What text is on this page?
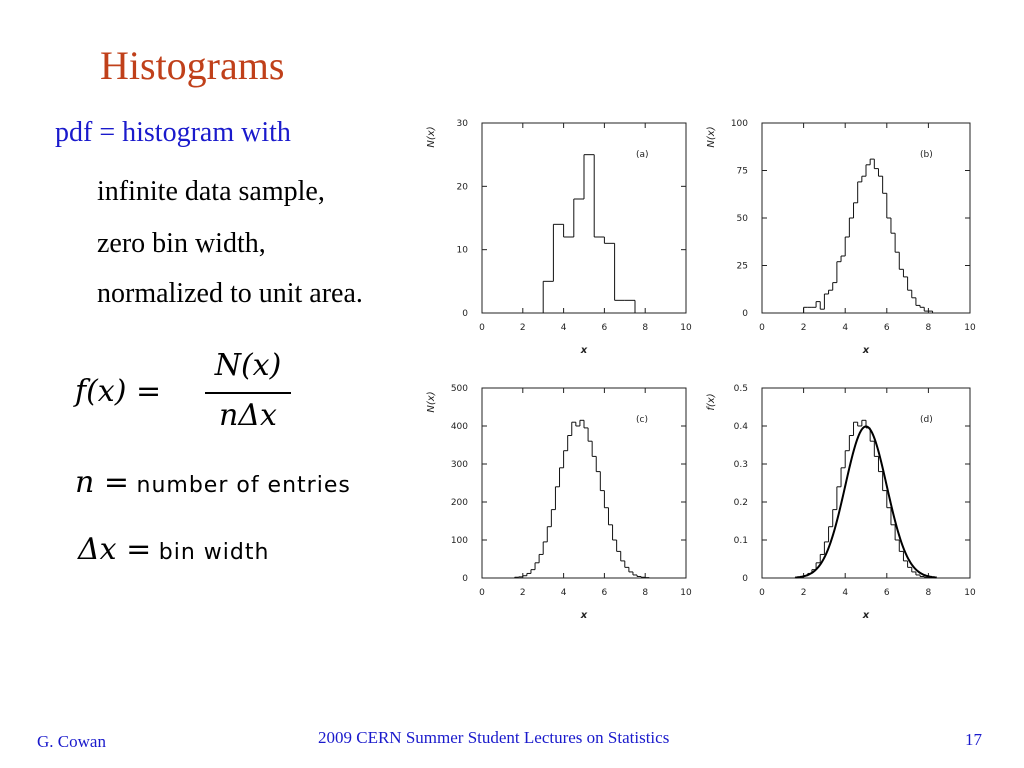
Histograms
pdf = histogram with
infinite data sample,
zero bin width,
normalized to unit area.
f(x) =
N(x)
nΔx
n = number of entries
Δx = bin width
0	2	4	6	8	10
0
10
20
30
x
N(x)
(a)
0	2	4	6	8	10
0
25
50
75
100
x
N(x)
(b)
0	2	4	6	8	10
0
100
200
300
400
500
x
N(x)
(c)
0	2	4	6	8	10
0
0.1
0.2
0.3
0.4
0.5
x
f(x)
(d)
G. Cowan	2009 CERN Summer Student Lectures on Statistics	17
